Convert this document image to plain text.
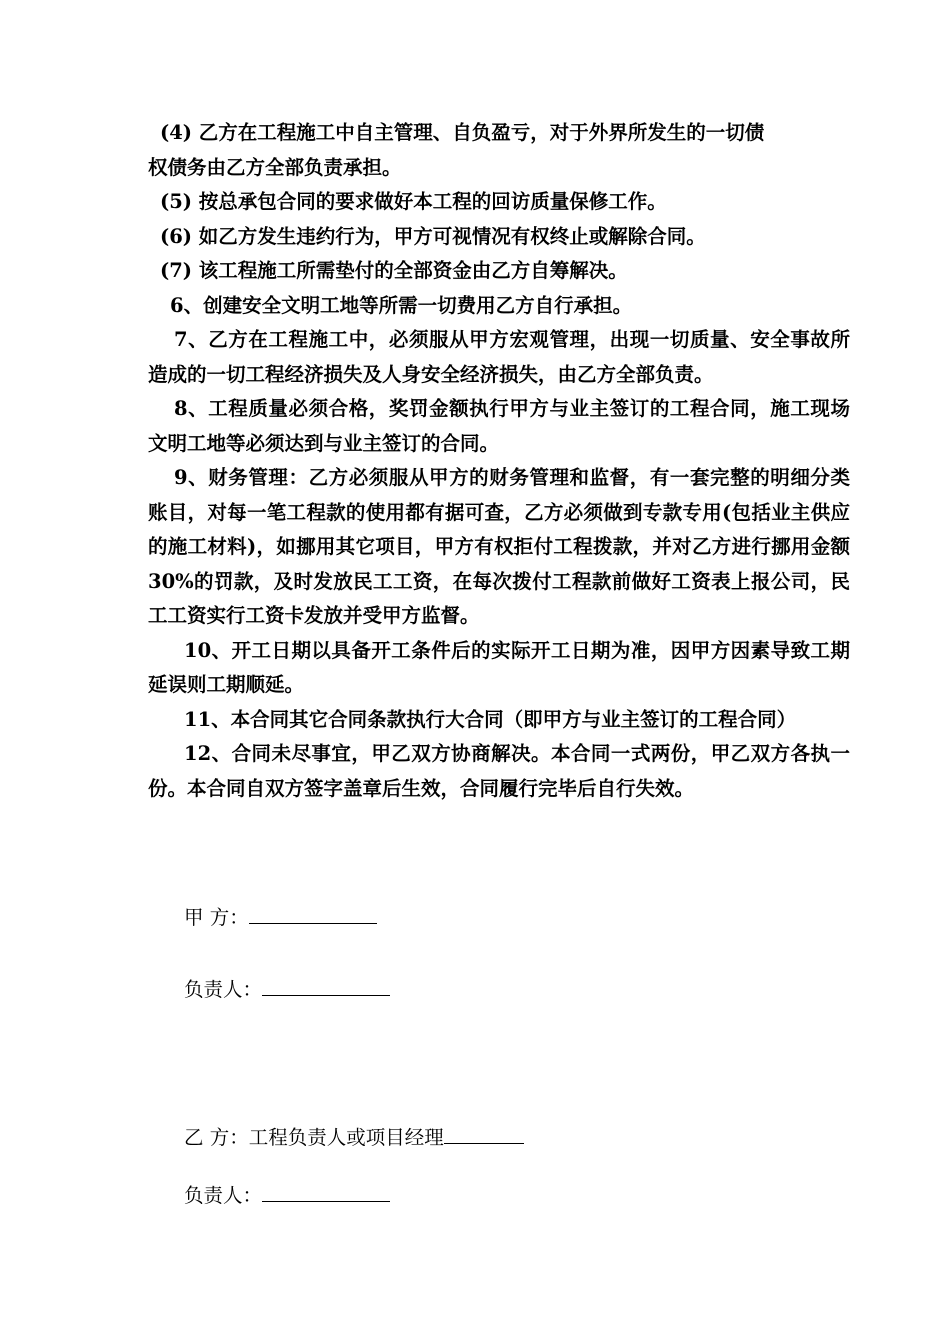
(4) 乙方在工程施工中自主管理、自负盈亏，对于外界所发生的一切债

权债务由乙方全部负责承担。

(5) 按总承包合同的要求做好本工程的回访质量保修工作。

(6) 如乙方发生违约行为，甲方可视情况有权终止或解除合同。

(7) 该工程施工所需垫付的全部资金由乙方自筹解决。

6、创建安全文明工地等所需一切费用乙方自行承担。

7、乙方在工程施工中，必须服从甲方宏观管理，出现一切质量、安全事故所造成的一切工程经济损失及人身安全经济损失，由乙方全部负责。

8、工程质量必须合格，奖罚金额执行甲方与业主签订的工程合同，施工现场文明工地等必须达到与业主签订的合同。

9、财务管理：乙方必须服从甲方的财务管理和监督，有一套完整的明细分类账目，对每一笔工程款的使用都有据可查，乙方必须做到专款专用(包括业主供应的施工材料)，如挪用其它项目，甲方有权拒付工程拨款，并对乙方进行挪用金额30%的罚款，及时发放民工工资，在每次拨付工程款前做好工资表上报公司，民工工资实行工资卡发放并受甲方监督。

10、开工日期以具备开工条件后的实际开工日期为准，因甲方因素导致工期延误则工期顺延。

11、本合同其它合同条款执行大合同（即甲方与业主签订的工程合同）

12、合同未尽事宜，甲乙双方协商解决。本合同一式两份，甲乙双方各执一份。本合同自双方签字盖章后生效，合同履行完毕后自行失效。

甲 方：
负责人：
乙 方：工程负责人或项目经理
负责人：
